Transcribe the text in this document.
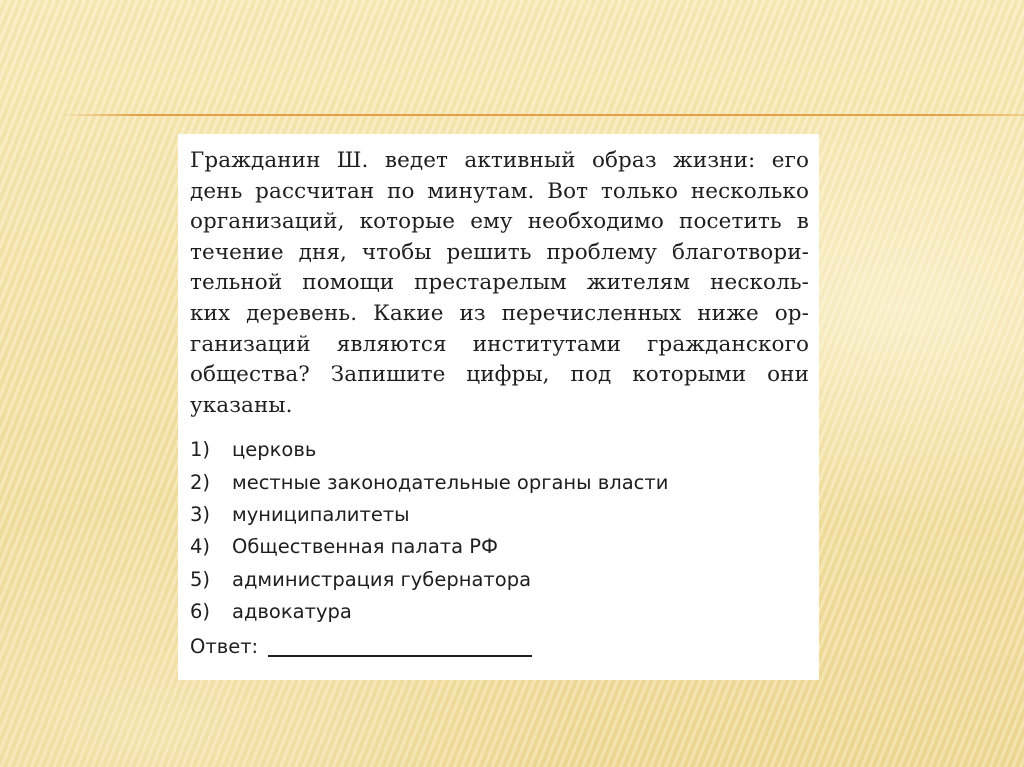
Гражданин Ш. ведет активный образ жизни: его
день рассчитан по минутам. Вот только несколько
организаций, которые ему необходимо посетить в
течение дня, чтобы решить проблему благотвори-
тельной помощи престарелым жителям несколь-
ких деревень. Какие из перечисленных ниже ор-
ганизаций являются институтами гражданского
общества? Запишите цифры, под которыми они
указаны.

1)	церковь
2)	местные законодательные органы власти
3)	муниципалитеты
4)	Общественная палата РФ
5)	администрация губернатора
6)	адвокатура
Ответ:
